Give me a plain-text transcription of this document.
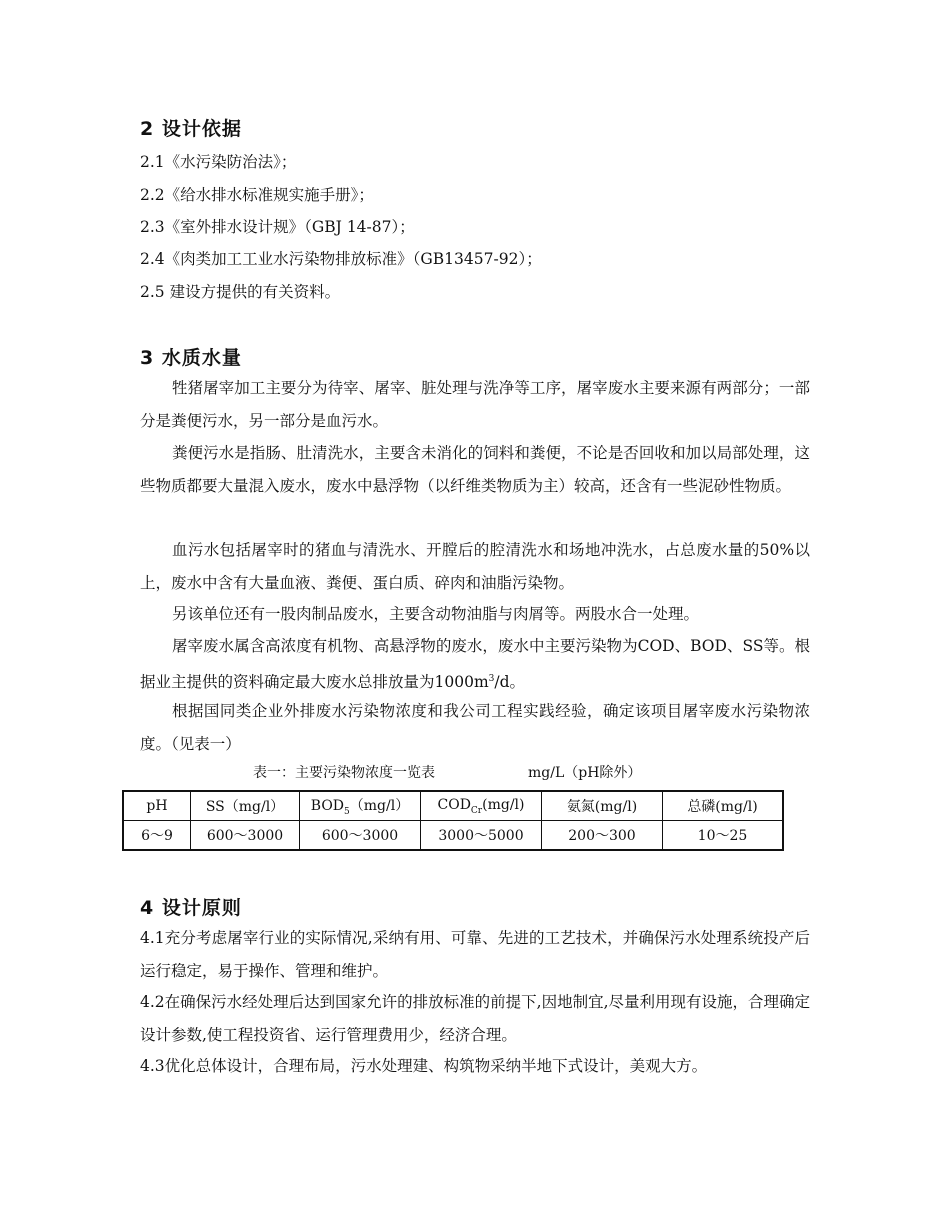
2 设计依据
2.1《水污染防治法》；
2.2《给水排水标准规实施手册》；
2.3《室外排水设计规》（GBJ 14-87）；
2.4《肉类加工工业水污染物排放标准》（GB13457-92）；
2.5 建设方提供的有关资料。
3 水质水量
牲猪屠宰加工主要分为待宰、屠宰、脏处理与洗净等工序，屠宰废水主要来源有两部分；一部分是粪便污水，另一部分是血污水。
粪便污水是指肠、肚清洗水，主要含未消化的饲料和粪便，不论是否回收和加以局部处理，这些物质都要大量混入废水，废水中悬浮物（以纤维类物质为主）较高，还含有一些泥砂性物质。
血污水包括屠宰时的猪血与清洗水、开膛后的腔清洗水和场地冲洗水，占总废水量的50%以上，废水中含有大量血液、粪便、蛋白质、碎肉和油脂污染物。
另该单位还有一股肉制品废水，主要含动物油脂与肉屑等。两股水合一处理。
屠宰废水属含高浓度有机物、高悬浮物的废水，废水中主要污染物为COD、BOD、SS等。根据业主提供的资料确定最大废水总排放量为$1000m^3/d$。
根据国同类企业外排废水污染物浓度和我公司工程实践经验，确定该项目屠宰废水污染物浓度。（见表一）
表一：主要污染物浓度一览表	mg/L（pH除外）
pH	SS（mg/l）	$BOD_5(mg/l)$	$COD_{Cr}(mg/l)$	氨氮(mg/l)	总磷(mg/l)
6～9	600～3000	600～3000	3000～5000	200～300	10～25
4 设计原则
4.1充分考虑屠宰行业的实际情况,采纳有用、可靠、先进的工艺技术，并确保污水处理系统投产后运行稳定，易于操作、管理和维护。
4.2在确保污水经处理后达到国家允许的排放标准的前提下,因地制宜,尽量利用现有设施，合理确定设计参数,使工程投资省、运行管理费用少，经济合理。
4.3优化总体设计，合理布局，污水处理建、构筑物采纳半地下式设计，美观大方。
